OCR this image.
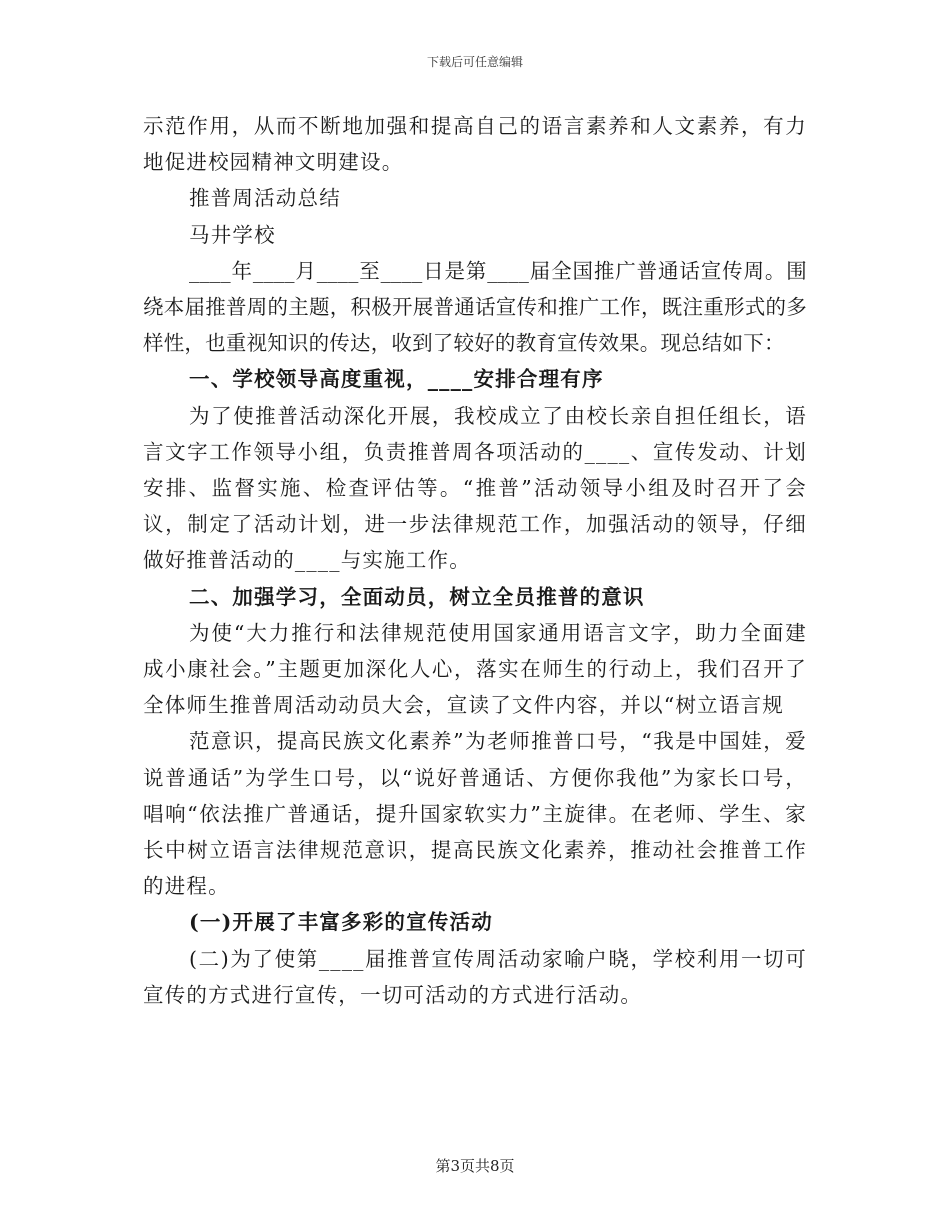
下载后可任意编辑

示范作用，从而不断地加强和提高自己的语言素养和人文素养，有力地促进校园精神文明建设。

推普周活动总结

马井学校

____年____月____至____日是第____届全国推广普通话宣传周。围绕本届推普周的主题，积极开展普通话宣传和推广工作，既注重形式的多样性，也重视知识的传达，收到了较好的教育宣传效果。现总结如下：

一、学校领导高度重视，____安排合理有序

为了使推普活动深化开展，我校成立了由校长亲自担任组长，语言文字工作领导小组，负责推普周各项活动的____、宣传发动、计划安排、监督实施、检查评估等。“推普”活动领导小组及时召开了会议，制定了活动计划，进一步法律规范工作，加强活动的领导，仔细做好推普活动的____与实施工作。

二、加强学习，全面动员，树立全员推普的意识

为使“大力推行和法律规范使用国家通用语言文字，助力全面建成小康社会。”主题更加深化人心，落实在师生的行动上，我们召开了全体师生推普周活动动员大会，宣读了文件内容，并以“树立语言规

范意识，提高民族文化素养”为老师推普口号，“我是中国娃，爱说普通话”为学生口号，以“说好普通话、方便你我他”为家长口号，唱响“依法推广普通话，提升国家软实力”主旋律。在老师、学生、家长中树立语言法律规范意识，提高民族文化素养，推动社会推普工作的进程。

(一)开展了丰富多彩的宣传活动

(二)为了使第____届推普宣传周活动家喻户晓，学校利用一切可宣传的方式进行宣传，一切可活动的方式进行活动。

第3页共8页
